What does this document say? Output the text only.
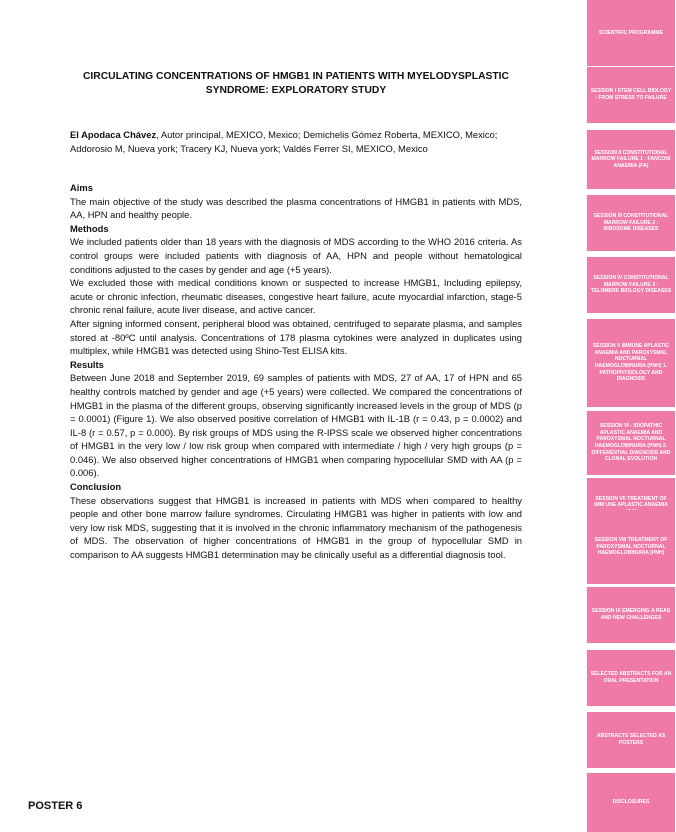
CIRCULATING CONCENTRATIONS OF HMGB1 IN PATIENTS WITH MYELODYSPLASTIC SYNDROME: EXPLORATORY STUDY
El Apodaca Chávez, Autor principal, MEXICO, Mexico; Demichelis Gómez Roberta, MEXICO, Mexico; Addorosio M, Nueva york; Tracery KJ, Nueva york; Valdés Ferrer SI, MEXICO, Mexico
Aims

The main objective of the study was described the plasma concentrations of HMGB1 in patients with MDS, AA, HPN and healthy people.

Methods

We included patients older than 18 years with the diagnosis of MDS according to the WHO 2016 criteria. As control groups were included patients with diagnosis of AA, HPN and people without hematological conditions adjusted to the cases by gender and age (+5 years).

We excluded those with medical conditions known or suspected to increase HMGB1, Including epilepsy, acute or chronic infection, rheumatic diseases, congestive heart failure, acute myocardial infarction, stage-5 chronic renal failure, acute liver disease, and active cancer.

After signing informed consent, peripheral blood was obtained, centrifuged to separate plasma, and samples stored at -80ºC until analysis. Concentrations of 178 plasma cytokines were analyzed in duplicates using multiplex, while HMGB1 was detected using Shino-Test ELISA kits.

Results

Between June 2018 and September 2019, 69 samples of patients with MDS, 27 of AA, 17 of HPN and 65 healthy controls matched by gender and age (+5 years) were collected. We compared the concentrations of HMGB1 in the plasma of the different groups, observing significantly increased levels in the group of MDS (p = 0.0001) (Figure 1). We also observed positive correlation of HMGB1 with IL-1B (r = 0.43, p = 0.0002) and IL-8 (r = 0.57, p = 0.000). By risk groups of MDS using the R-IPSS scale we observed higher concentrations of HMGB1 in the very low / low risk group when compared with intermediate / high / very high groups (p = 0.046). We also observed higher concentrations of HMGB1 when comparing hypocellular SMD with AA (p = 0.006).

Conclusion

These observations suggest that HMGB1 is increased in patients with MDS when compared to healthy people and other bone marrow failure syndromes. Circulating HMGB1 was higher in patients with low and very low risk MDS, suggesting that it is involved in the chronic inflammatory mechanism of the pathogenesis of MDS. The observation of higher concentrations of HMGB1 in the group of hypocellular SMD in comparison to AA suggests HMGB1 determination may be clinically useful as a differential diagnosis tool.

POSTER 6
SCIENTIFIC PROGRAMME
SESSION I STEM CELL BIOLOGY : FROM STRESS TO FAILURE
SESSION II CONSTITUTIONAL MARROW FAILURE 1 : FANCONI ANAEMIA (FA)
SESSION III CONSTITUTIONAL MARROW FAILURE 2 : RIBOSOME DISEASES
SESSION IV CONSTITUTIONAL MARROW FAILURE 3 : TELOMERE BIOLOGY DISEASES
SESSION V IMMUNE APLASTIC ANAEMIA AND PAROXYSMAL NOCTURNAL HAEMOGLOBINURIA (PNH) 1. PATHOPHYSIOLOGY AND DIAGNOSIS
SESSION VI - IDIOPATHIC APLASTIC ANAEMIA AND PAROXYSMAL NOCTURNAL HAEMOGLOBINURIA (PNH) 2. DIFFERENTIAL DIAGNOSIS AND CLONAL EVOLUTION
SESSION VII TREATMENT OF IMM UNE APLASTIC ANAEMIA
SESSION VIII TREATMENT OF PAROXYSMAL NOCTURNAL HAEMOGLOBINURIA (PNH)
SESSION IX EMERGING A REAS AND NEW CHALLENGES
SELECTED ABSTRACTS FOR AN ORAL PRESENTATION
ABSTRACTS SELECTED AS POSTERS
DISCLOSURES
